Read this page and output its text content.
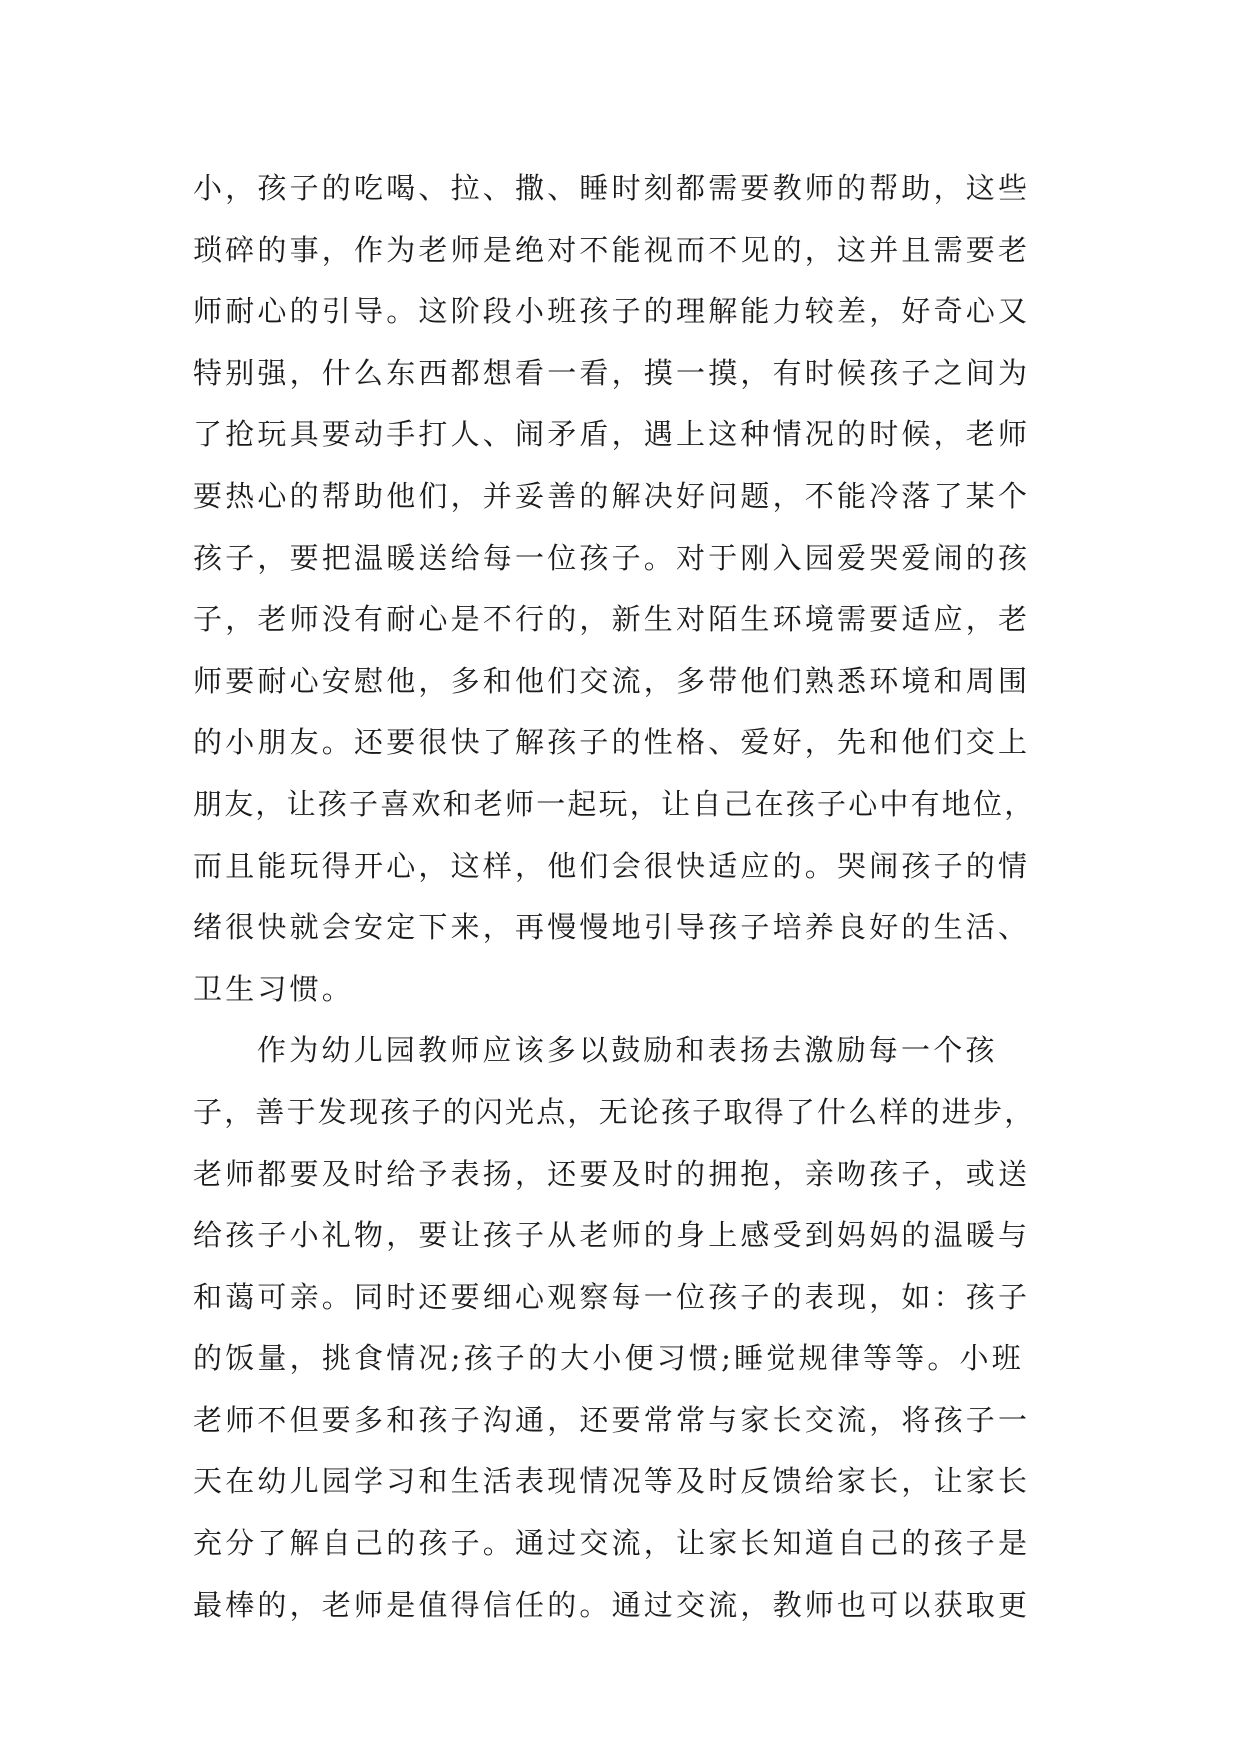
小，孩子的吃喝、拉、撒、睡时刻都需要教师的帮助，这些
琐碎的事，作为老师是绝对不能视而不见的，这并且需要老
师耐心的引导。这阶段小班孩子的理解能力较差，好奇心又
特别强，什么东西都想看一看，摸一摸，有时候孩子之间为
了抢玩具要动手打人、闹矛盾，遇上这种情况的时候，老师
要热心的帮助他们，并妥善的解决好问题，不能冷落了某个
孩子，要把温暖送给每一位孩子。对于刚入园爱哭爱闹的孩
子，老师没有耐心是不行的，新生对陌生环境需要适应，老
师要耐心安慰他，多和他们交流，多带他们熟悉环境和周围
的小朋友。还要很快了解孩子的性格、爱好，先和他们交上
朋友，让孩子喜欢和老师一起玩，让自己在孩子心中有地位，
而且能玩得开心，这样，他们会很快适应的。哭闹孩子的情
绪很快就会安定下来，再慢慢地引导孩子培养良好的生活、
卫生习惯。
作为幼儿园教师应该多以鼓励和表扬去激励每一个孩
子，善于发现孩子的闪光点，无论孩子取得了什么样的进步，
老师都要及时给予表扬，还要及时的拥抱，亲吻孩子，或送
给孩子小礼物，要让孩子从老师的身上感受到妈妈的温暖与
和蔼可亲。同时还要细心观察每一位孩子的表现，如：孩子
的饭量，挑食情况;孩子的大小便习惯;睡觉规律等等。小班
老师不但要多和孩子沟通，还要常常与家长交流，将孩子一
天在幼儿园学习和生活表现情况等及时反馈给家长，让家长
充分了解自己的孩子。通过交流，让家长知道自己的孩子是
最棒的，老师是值得信任的。通过交流，教师也可以获取更
